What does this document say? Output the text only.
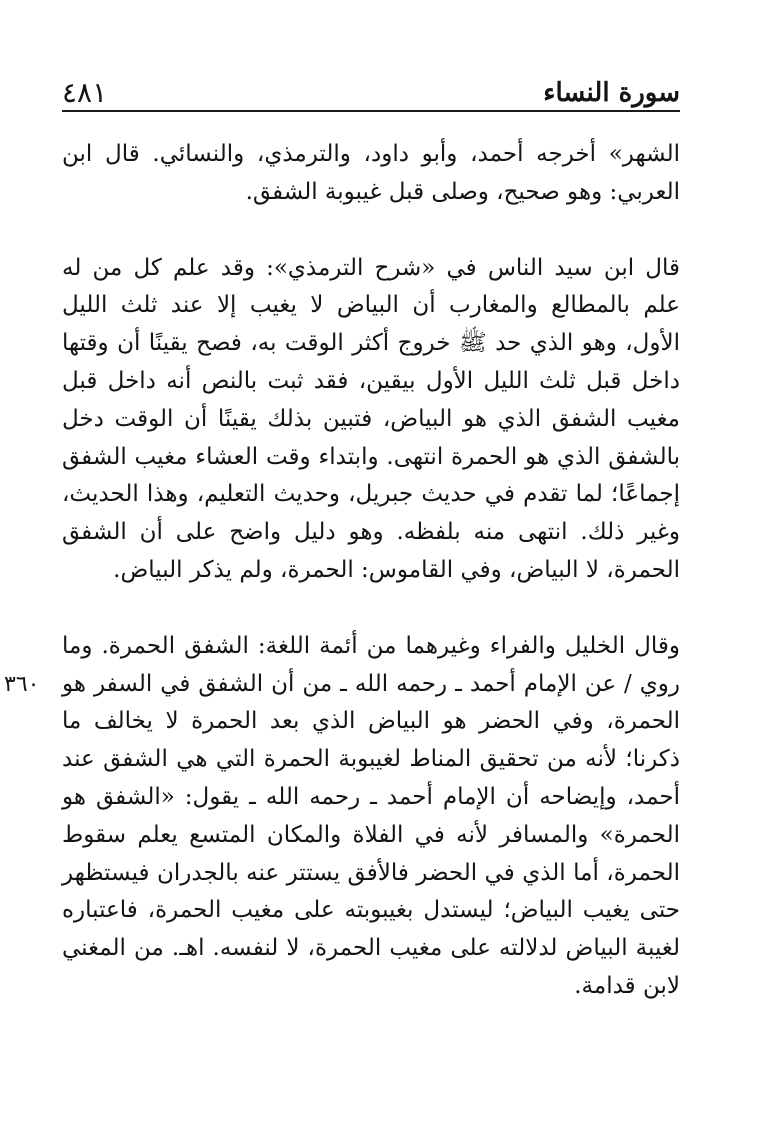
سورة النساء
٤٨١
٣٦٠

الشهر» أخرجه أحمد، وأبو داود، والترمذي، والنسائي. قال ابن العربي: وهو صحيح، وصلى قبل غيبوبة الشفق.

قال ابن سيد الناس في «شرح الترمذي»: وقد علم كل من له علم بالمطالع والمغارب أن البياض لا يغيب إلا عند ثلث الليل الأول، وهو الذي حد ﷺ خروج أكثر الوقت به، فصح يقينًا أن وقتها داخل قبل ثلث الليل الأول بيقين، فقد ثبت بالنص أنه داخل قبل مغيب الشفق الذي هو البياض، فتبين بذلك يقينًا أن الوقت دخل بالشفق الذي هو الحمرة انتهى. وابتداء وقت العشاء مغيب الشفق إجماعًا؛ لما تقدم في حديث جبريل، وحديث التعليم، وهذا الحديث، وغير ذلك. انتهى منه بلفظه. وهو دليل واضح على أن الشفق الحمرة، لا البياض، وفي القاموس: الحمرة، ولم يذكر البياض.

وقال الخليل والفراء وغيرهما من أئمة اللغة: الشفق الحمرة. وما روي / عن الإمام أحمد ـ رحمه الله ـ من أن الشفق في السفر هو الحمرة، وفي الحضر هو البياض الذي بعد الحمرة لا يخالف ما ذكرنا؛ لأنه من تحقيق المناط لغيبوبة الحمرة التي هي الشفق عند أحمد، وإيضاحه أن الإمام أحمد ـ رحمه الله ـ يقول: «الشفق هو الحمرة» والمسافر لأنه في الفلاة والمكان المتسع يعلم سقوط الحمرة، أما الذي في الحضر فالأفق يستتر عنه بالجدران فيستظهر حتى يغيب البياض؛ ليستدل بغيبوبته على مغيب الحمرة، فاعتباره لغيبة البياض لدلالته على مغيب الحمرة، لا لنفسه. اهـ. من المغني لابن قدامة.
